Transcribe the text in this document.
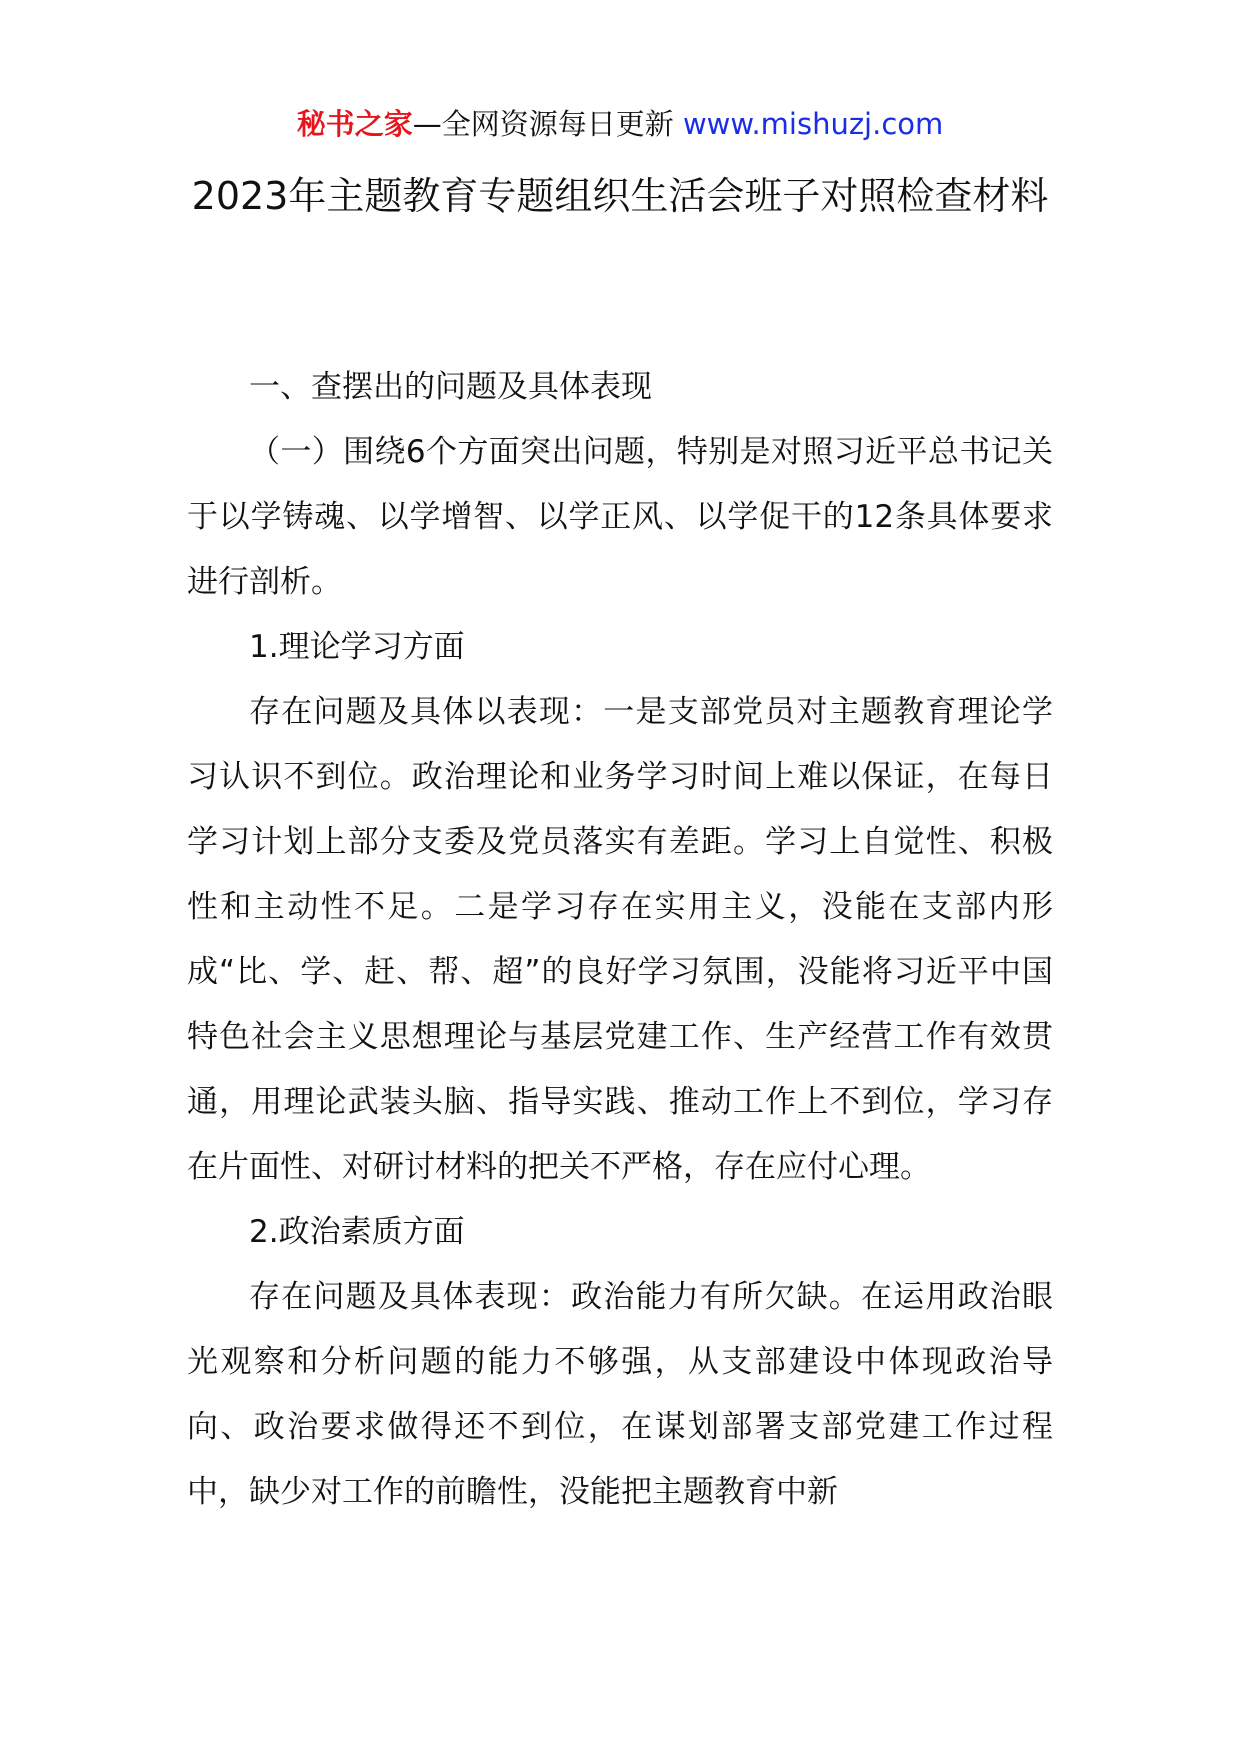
秘书之家—全网资源每日更新 www.mishuzj.com
2023年主题教育专题组织生活会班子对照检查材料

一、查摆出的问题及具体表现

（一）围绕6个方面突出问题，特别是对照习近平总书记关于以学铸魂、以学增智、以学正风、以学促干的12条具体要求进行剖析。

1.理论学习方面

存在问题及具体以表现：一是支部党员对主题教育理论学习认识不到位。政治理论和业务学习时间上难以保证，在每日学习计划上部分支委及党员落实有差距。学习上自觉性、积极性和主动性不足。二是学习存在实用主义，没能在支部内形成“比、学、赶、帮、超”的良好学习氛围，没能将习近平中国特色社会主义思想理论与基层党建工作、生产经营工作有效贯通，用理论武装头脑、指导实践、推动工作上不到位，学习存在片面性、对研讨材料的把关不严格，存在应付心理。

2.政治素质方面

存在问题及具体表现：政治能力有所欠缺。在运用政治眼光观察和分析问题的能力不够强，从支部建设中体现政治导向、政治要求做得还不到位，在谋划部署支部党建工作过程中，缺少对工作的前瞻性，没能把主题教育中新
